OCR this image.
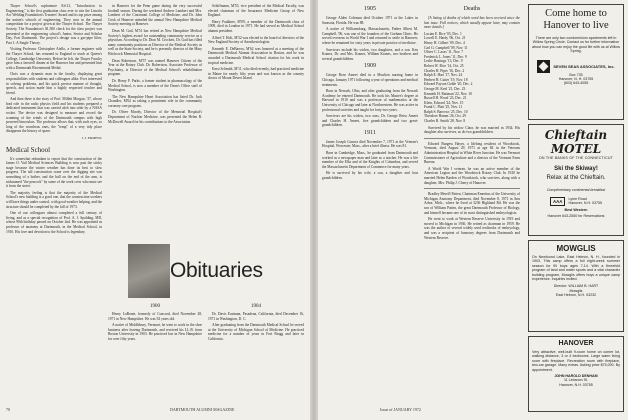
Thayer School's sophomore Ed-21, "Introduction to Engineering," is the first graduation class ever to win the Lincoln Arc Welding Foundation's Trustees' Award and its top prize among the nation's schools of engineering. They won in the annual competition for a project given at the Thayer School. The Thayer Society, The Foundation's $1,500 check for the class project was presented at the engineering school's Junior, Senior and Scholar Day, Fort Dartmouth. The project's design was a gas-pipe lifter, Part 1: A Single Theory.

Visiting Professor Christopher Aiello, a former engineer with the Thayer School, has returned to England to teach at Queen's College, Cambridge University. Before he left, the Thayer Faculty gave him a farewell dinner at the Hanover Inn and presented him with a Dartmouth Bicentennial Medal.

Chris was a dynamic man in the faculty, displaying great responsibilities with students and colleagues alike. Ever interested in solving problems, and his quick precise manner of thought, speech, and action made him a highly respected teacher and friend.

And then there is the story of Prof. Millett Morgan, '37, whose lead role in the radio physics field and his students prepared a dedicated instrument that was carried aloft into orbit by a NASA rocket. The device was designed to measure and record the scanning of the winds of the Dartmouth campus with high powered binoculars. The professor allows that, with such eyes, so long of the wondrous ones, the "temp" of a very tidy place disappears the history of space.

J. J. ERMENC
Medical School

It's somewhat redundant to report that the construction of the James O. Vail Medical Sciences Building is now past the sticky stage because the winter weather has done its best to slow progress. The tall construction crane over the digging site was something of a bother, and the ball on the end of the arm, is nicknamed "the peacock" by some of the work crew who must see it from the street.

The majority feeling is that the majority of the Medical School's new building is a good one, that the construction workers will have things under control, with good weather helping, and the structure should be completed by the fall of 1973.

One of our colleagues almost completed a full century of living, and as a special recognition of Prof. A. J. Spalding, MD, whose 90th birthday passed on October 2nd. He was appointed as professor of anatomy at Dartmouth, in the Medical School, in 1910. His love and devotion to the School is legendary.

in Hanover for the Penn game during the very successful football season. During the weekend Andrew Lambert and Mrs. Lambert of the Cincinnati College of Medicine, and Dr. John Cook of Hanover attended the annual New Hampshire Medical Society meeting at Hanover.

Dean M. Gail, M'51 has retired as New Hampshire Medical Society's highest award for outstanding community service as a physician. According to Dr. Dion M. Crockett, Dr. Gail has filled many community positions as Director of the Medical Society as well as the State Society, and he is presently director of the Mary Hitchcock Memorial Hospital.

Dean Robertson, M'57 was named Hanover Citizen of the Year at the Rotary Club. Dr. Robertson, Associate Professor of Psychiatry, is Director of the Medical School's rehabilitation program.

Dr. Henry F. Parks, a former student in pharmacology of the Medical School, is now a member of the Dean's Office staff of Washington.

The New Hampshire Heart Association has listed Dr. Jack Chandler, M'62 as taking a prominent role in the community coronary care program.

Dr. Oliver Moody, Director of the Memorial Hospital's Department of Nuclear Medicine, was presented the Helen R. McDowell Award for his contributions to the Association.

Schiffmann, M'55, vice president of the Medical Faculty, was elected chairman of the Insurance Medicine Group of New England.

Harry Faulkner, M'09, a member of the Dartmouth class of 1909, died in London in 1971. He had served as Medical School alumni president.

Alfred T. Holt, M'32 was elected to the board of directors of the New England Society of Anesthesiologists.

Kenneth E. DeBarros, M'62 was honored at a meeting of the Dartmouth Medical Alumni Association in Boston, and he was awarded a Dartmouth Medical School citation for his work in tropical medicine.

Ernst Schmidt, M'11, who died recently, had practiced medicine in Maine for nearly fifty years and was known as the country doctor of Mount Desert Island.

Obituaries
1900

Henry LaBonte, formerly of Concord, died November 28, 1971 in New Hampshire. He was 92 years old.

A native of Middlebury, Vermont, he went to work in the shoe business after leaving Dartmouth, and received his LL.B. from Boston University in 1903. He practiced law in New Hampshire for over fifty years.

1904

Dr. Davis Eastman, Pasadena, California, died December 16, 1971 in Washington, D. C.

After graduating from the Dartmouth Medical School he served at the University of Michigan School of Medicine. He practiced medicine for a number of years in Fort Bragg and later in California.

70	DARTMOUTH ALUMNI MAGAZINE
1905

George Alden Coleman died October 1971 at the Lakes in Sarasota, Florida. He was 88.

A native of Williamsburg, Massachusetts, Father Albert M. Campbell, '06, was one of the founders of the Gorham Clinic. He served overseas in World War I and returned to settle in Hanover, where he remained for sixty years in private practice of medicine.

Survivors include his widow, two daughters, and a son. Ken Kranes, Dr. and Mrs. Kranes, William Kranes, two brothers and several grandchildren.

1909

George Rose Ameet died in a Moulton nursing home in Chicago, January 1971 following a year of operations and medical treatments.

Born in Newark, Ohio, and after graduating from the Newark Academy he entered Dartmouth. He took his Master's degree at Harvard in 1910 and was a professor of mathematics at the University of Chicago and later at Northwestern. He was active in professional societies and taught for forty-two years.

Survivors are his widow, two sons, Dr. George Reiss Ameet and Charles H. Ameet, five grandchildren and two great-grandchildren.

1911

James Joseph Connor died November 7, 1971 at the Veteran's Hospital, Worcester, Mass., after a brief illness. He was 81.

Born in Cambridge, Mass., he graduated from Dartmouth and worked as a newspaper man and later as a teacher. He was a life member of the Elks and of the Knights of Columbus, and served the Massachusetts Department of Commerce for many years.

He is survived by his wife, a son, a daughter and four grandchildren.

Deaths

[A listing of deaths of which word has been received since the last issue. Full notices, which usually appear later, may contain more details.]

Lucian E. Rice '03, Dec. 1
Lowell E. Hardy '06, Oct. 21
Henry H. Gilbert '09, Dec. 4
Carl G. Campbell '09, Nov. 11
Oliver C. Lacas '11, Nov. 7
Frederick L. Jones '11, Dec. 9
Leslie Hastings '13, Dec. 9
Robert W. Rice '14, Oct. 25
Charles H. Piper '16, Dec. 2
Ralph E. Hart '17, Nov. 24
Herbert H. Cutter '19, Nov. 18
Edward Payson Goble '20, Dec. 2
George M. Keel '21, Dec. 23
Kenneth H. Ratiman '22, Nov. 10
Russell H. Wood '23, Dec. 21
Klein, Edward '24, Nov. 15
Frank C. Platt '25, Nov. 11
Ralph S. Barrows '25, Dec. 10
Theodore Hamm '26, Oct. 29
Charles R. Smith '28, Nov. 8

Survived by his widow Clara, he was married in 1934. His daughter also survives, as do two grandchildren.

Edward Burgess Hayes, a lifelong resident of Woodstock, Vermont, died August 29, 1971 at age 84 in the Veterans Administration Hospital in White River Junction. He was Vermont Commissioner of Agriculture and a director of the Vermont Farm Bureau.

A World War I veteran, he was an active member of the American Legion and the Woodstock Rotary Club. In 1920 he married Helen Barden of Woodstock, who survives, along with a daughter, Mrs. Philip J. Cherry of Hanover.

Bradley Merrill Patten, Chairman Emeritus of the University of Michigan Anatomy Department, died November 8, 1971 in Ann Arbor, Mich., where he lived at 3236 Highland Rd. He was the son of William Patten, the great Dartmouth Professor of Biology, and himself became one of its most distinguished embryologists.

He went to work at Western Reserve University in 1919 and moved to Michigan in 1936. He retired as chairman in 1959. He was the author of several widely used textbooks of embryology, and was a recipient of honorary degrees from Dartmouth and Western Reserve.

Issue of JANUARY 1972
Come home to Hanover to live
There are only two condominium apartments left in Willow Spring Circle. Contact us for further information about how you can enjoy the good life with us at Willow Spring.
SEVEN SEAS ASSOCIATES, Inc.
Box 735
Hanover, N. H. 03755
(603) 643-4055
Chieftain MOTEL
ON THE BANKS OF THE CONNECTICUT
Ski the Skiway!
Relax at the Chieftain.
Complimentary continental breakfast
AAA	Lyme Road
Hanover, N.H. 03755
Best Western
Hanover 643-2550 for Reservations
MOWGLIS
On Newfound Lake, East Hebron, N. H., founded in 1903. This camp offers a full eight-week summer season for 90 boys ages 7-14. With a threefold program of land and water sports and a vital character building program, Mowglis offers boys a unique camp experience. Inquiries invited.
Director: WILLIAM B. HART
Mowglis
East Hebron, N.H. 03232
HANOVER
Very attractive, well-built 9-room home on corner lot, walking distance, 3 or 4 bedrooms. Large warm living room with fireplace. Recreation room with fireplace, two-car garage. Many extras. Asking price $75,000. By appointment.
JOHN HAROLD DENHAM
11 Lebanon St.
Hanover, N.H. 03755
